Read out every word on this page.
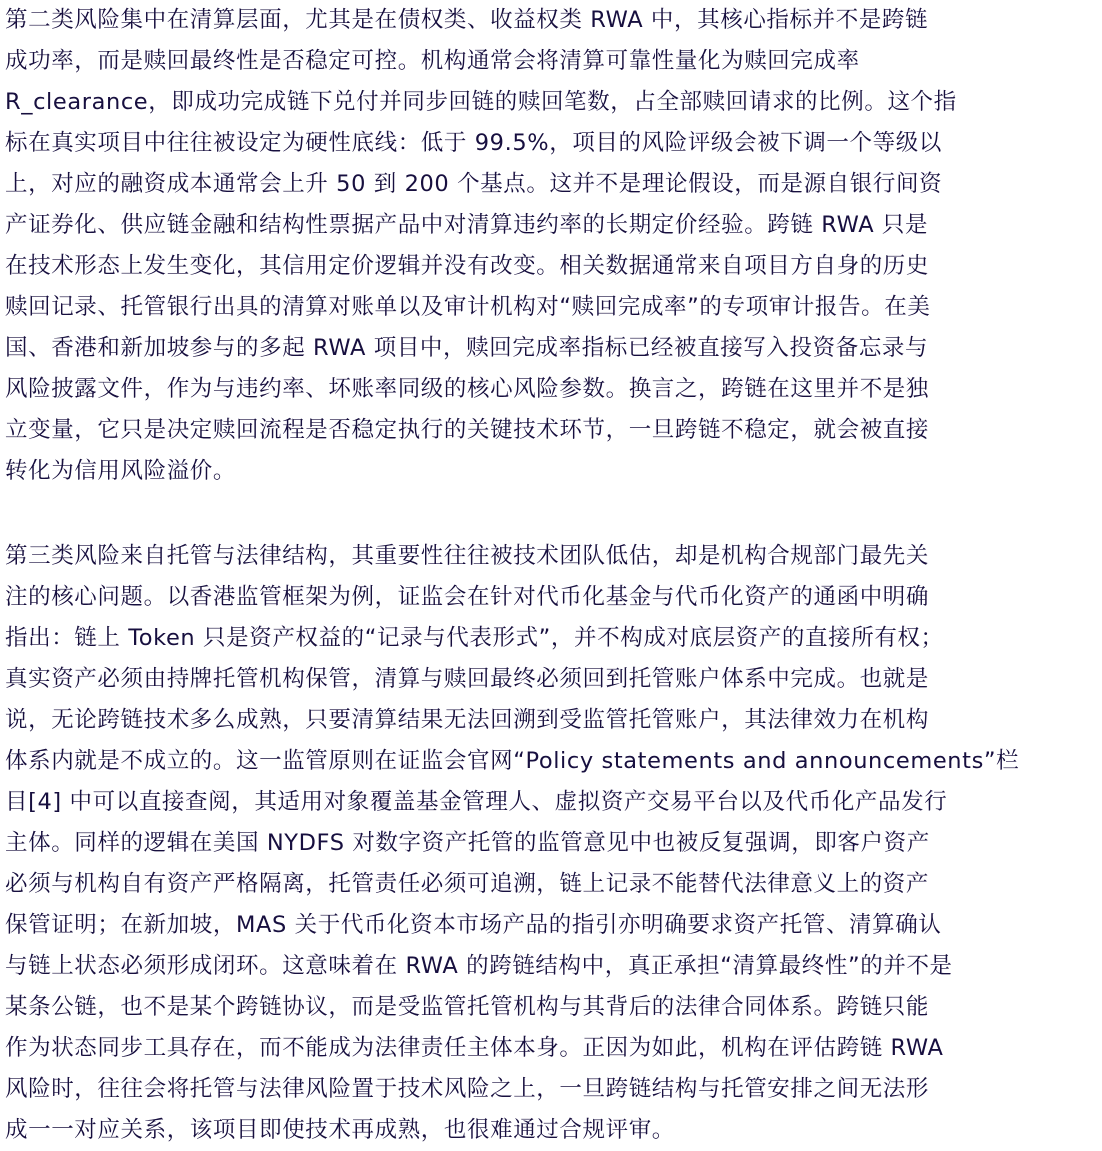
第二类风险集中在清算层面，尤其是在债权类、收益权类 RWA 中，其核心指标并不是跨链
成功率，而是赎回最终性是否稳定可控。机构通常会将清算可靠性量化为赎回完成率
R_clearance，即成功完成链下兑付并同步回链的赎回笔数，占全部赎回请求的比例。这个指
标在真实项目中往往被设定为硬性底线：低于 99.5%，项目的风险评级会被下调一个等级以
上，对应的融资成本通常会上升 50 到 200 个基点。这并不是理论假设，而是源自银行间资
产证券化、供应链金融和结构性票据产品中对清算违约率的长期定价经验。跨链 RWA 只是
在技术形态上发生变化，其信用定价逻辑并没有改变。相关数据通常来自项目方自身的历史
赎回记录、托管银行出具的清算对账单以及审计机构对“赎回完成率”的专项审计报告。在美
国、香港和新加坡参与的多起 RWA 项目中，赎回完成率指标已经被直接写入投资备忘录与
风险披露文件，作为与违约率、坏账率同级的核心风险参数。换言之，跨链在这里并不是独
立变量，它只是决定赎回流程是否稳定执行的关键技术环节，一旦跨链不稳定，就会被直接
转化为信用风险溢价。
第三类风险来自托管与法律结构，其重要性往往被技术团队低估，却是机构合规部门最先关
注的核心问题。以香港监管框架为例，证监会在针对代币化基金与代币化资产的通函中明确
指出：链上 Token 只是资产权益的“记录与代表形式”，并不构成对底层资产的直接所有权；
真实资产必须由持牌托管机构保管，清算与赎回最终必须回到托管账户体系中完成。也就是
说，无论跨链技术多么成熟，只要清算结果无法回溯到受监管托管账户，其法律效力在机构
体系内就是不成立的。这一监管原则在证监会官网“Policy statements and announcements”栏
目[4] 中可以直接查阅，其适用对象覆盖基金管理人、虚拟资产交易平台以及代币化产品发行
主体。同样的逻辑在美国 NYDFS 对数字资产托管的监管意见中也被反复强调，即客户资产
必须与机构自有资产严格隔离，托管责任必须可追溯，链上记录不能替代法律意义上的资产
保管证明；在新加坡，MAS 关于代币化资本市场产品的指引亦明确要求资产托管、清算确认
与链上状态必须形成闭环。这意味着在 RWA 的跨链结构中，真正承担“清算最终性”的并不是
某条公链，也不是某个跨链协议，而是受监管托管机构与其背后的法律合同体系。跨链只能
作为状态同步工具存在，而不能成为法律责任主体本身。正因为如此，机构在评估跨链 RWA
风险时，往往会将托管与法律风险置于技术风险之上，一旦跨链结构与托管安排之间无法形
成一一对应关系，该项目即使技术再成熟，也很难通过合规评审。
